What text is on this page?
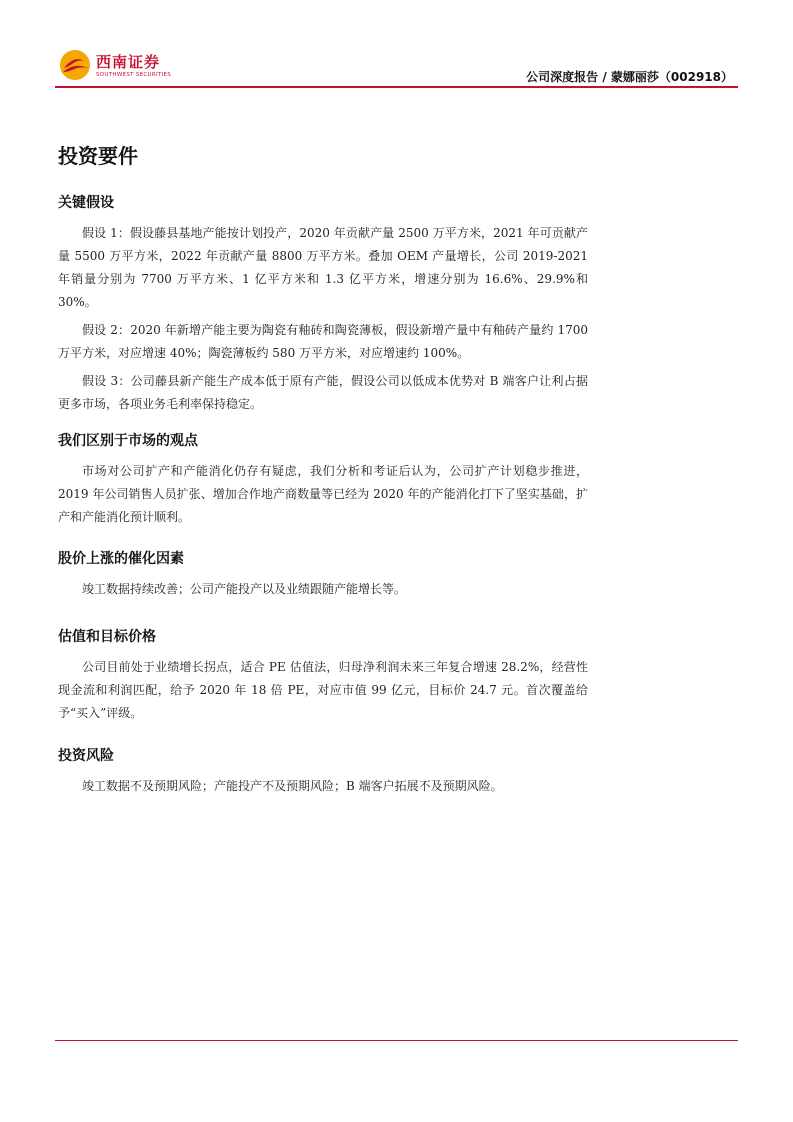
西南证券
SOUTHWEST SECURITIES	公司深度报告 / 蒙娜丽莎（002918）
投资要件
关键假设

假设 1：假设藤县基地产能按计划投产，2020 年贡献产量 2500 万平方米，2021 年可贡献产量 5500 万平方米，2022 年贡献产量 8800 万平方米。叠加 OEM 产量增长，公司 2019-2021 年销量分别为 7700 万平方米、1 亿平方米和 1.3 亿平方米，增速分别为 16.6%、29.9%和 30%。

假设 2：2020 年新增产能主要为陶瓷有釉砖和陶瓷薄板，假设新增产量中有釉砖产量约 1700 万平方米，对应增速 40%；陶瓷薄板约 580 万平方米，对应增速约 100%。

假设 3：公司藤县新产能生产成本低于原有产能，假设公司以低成本优势对 B 端客户让利占据更多市场，各项业务毛利率保持稳定。

我们区别于市场的观点

市场对公司扩产和产能消化仍存有疑虑，我们分析和考证后认为，公司扩产计划稳步推进，2019 年公司销售人员扩张、增加合作地产商数量等已经为 2020 年的产能消化打下了坚实基础，扩产和产能消化预计顺利。

股价上涨的催化因素

竣工数据持续改善；公司产能投产以及业绩跟随产能增长等。

估值和目标价格

公司目前处于业绩增长拐点，适合 PE 估值法，归母净利润未来三年复合增速 28.2%，经营性现金流和利润匹配，给予 2020 年 18 倍 PE，对应市值 99 亿元，目标价 24.7 元。首次覆盖给予“买入”评级。

投资风险

竣工数据不及预期风险；产能投产不及预期风险；B 端客户拓展不及预期风险。
